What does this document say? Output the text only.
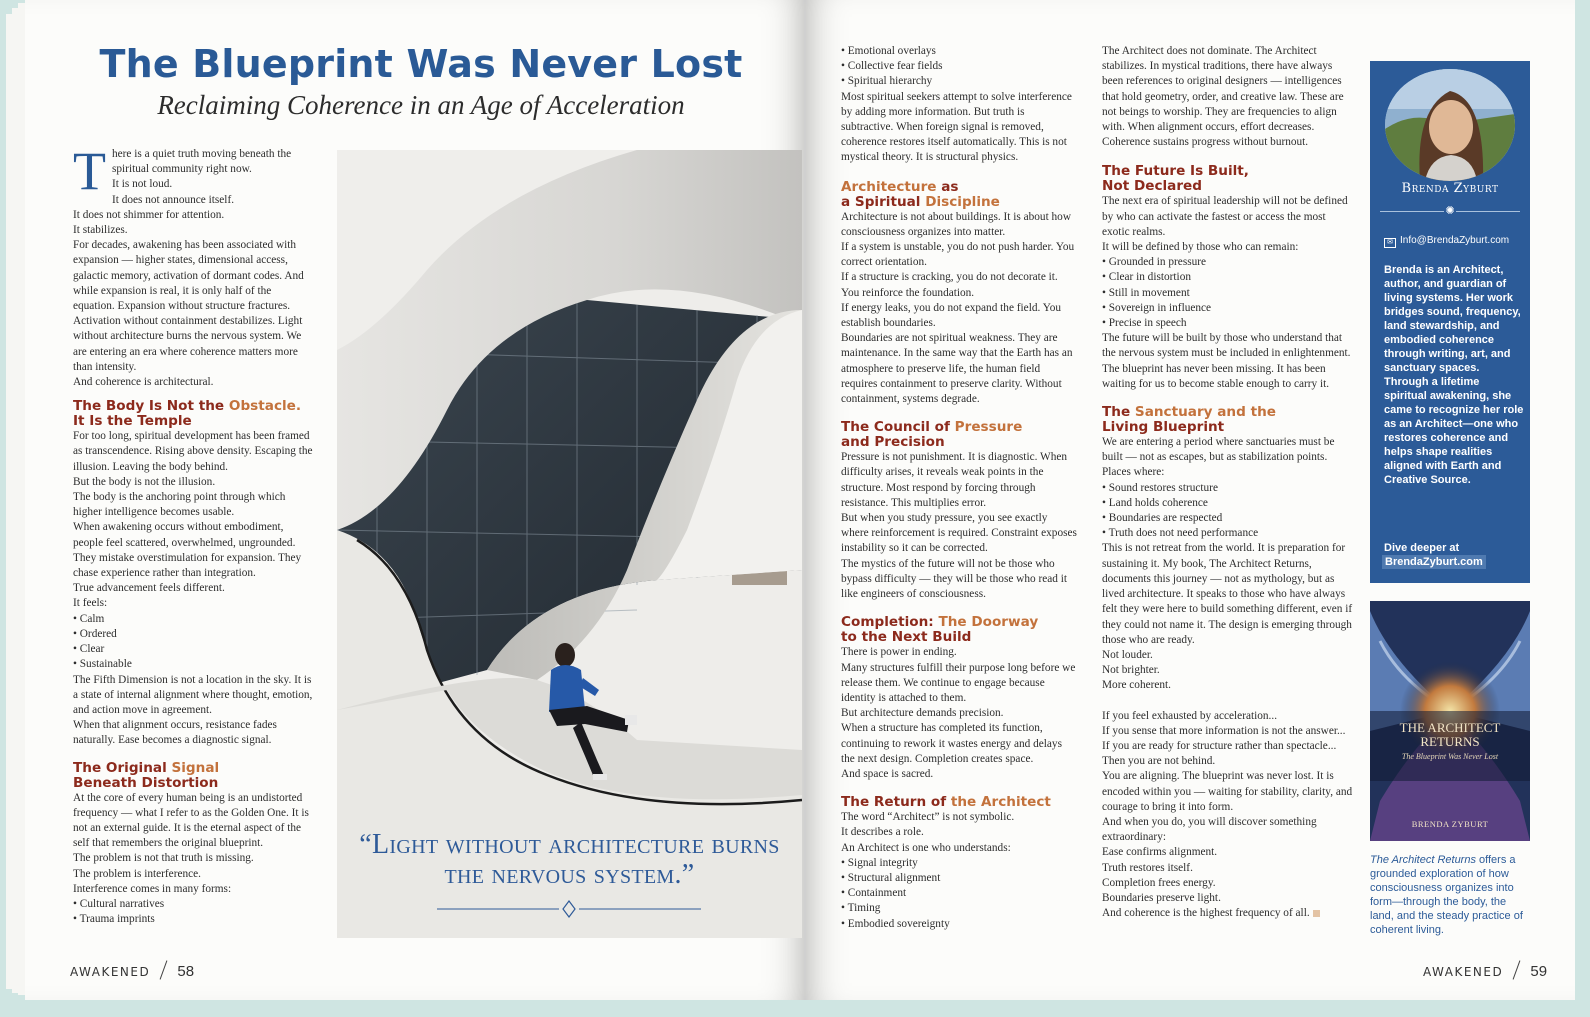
The Blueprint Was Never Lost
Reclaiming Coherence in an Age of Acceleration
T here is a quiet truth moving beneath the spiritual community right now.

It is not loud.

It does not announce itself.

It does not shimmer for attention.

It stabilizes.

For decades, awakening has been associated with expansion — higher states, dimensional access, galactic memory, activation of dormant codes. And while expansion is real, it is only half of the equation. Expansion without structure fractures. Activation without containment destabilizes. Light without architecture burns the nervous system. We are entering an era where coherence matters more than intensity.

And coherence is architectural.

The Body Is Not the Obstacle.
It Is the Temple

For too long, spiritual development has been framed as transcendence. Rising above density. Escaping the illusion. Leaving the body behind.

But the body is not the illusion.

The body is the anchoring point through which higher intelligence becomes usable.

When awakening occurs without embodiment, people feel scattered, overwhelmed, ungrounded. They mistake overstimulation for expansion. They chase experience rather than integration.

True advancement feels different.

It feels:

• Calm

• Ordered

• Clear

• Sustainable

The Fifth Dimension is not a location in the sky. It is a state of internal alignment where thought, emotion, and action move in agreement.

When that alignment occurs, resistance fades naturally. Ease becomes a diagnostic signal.

The Original Signal
Beneath Distortion

At the core of every human being is an undistorted frequency — what I refer to as the Golden One. It is not an external guide. It is the eternal aspect of the self that remembers the original blueprint.

The problem is not that truth is missing.

The problem is interference.

Interference comes in many forms:

• Cultural narratives

• Trauma imprints

“Light without architecture burns the nervous system.”
AWAKENED 58

• Emotional overlays

• Collective fear fields

• Spiritual hierarchy

Most spiritual seekers attempt to solve interference by adding more information. But truth is subtractive. When foreign signal is removed, coherence restores itself automatically. This is not mystical theory. It is structural physics.

Architecture as
a Spiritual Discipline

Architecture is not about buildings. It is about how consciousness organizes into matter.

If a system is unstable, you do not push harder. You correct orientation.

If a structure is cracking, you do not decorate it. You reinforce the foundation.

If energy leaks, you do not expand the field. You establish boundaries.

Boundaries are not spiritual weakness. They are maintenance. In the same way that the Earth has an atmosphere to preserve life, the human field requires containment to preserve clarity. Without containment, systems degrade.

The Council of Pressure
and Precision

Pressure is not punishment. It is diagnostic. When difficulty arises, it reveals weak points in the structure. Most respond by forcing through resistance. This multiplies error.

But when you study pressure, you see exactly where reinforcement is required. Constraint exposes instability so it can be corrected.

The mystics of the future will not be those who bypass difficulty — they will be those who read it like engineers of consciousness.

Completion: The Doorway
to the Next Build

There is power in ending.

Many structures fulfill their purpose long before we release them. We continue to engage because identity is attached to them.

But architecture demands precision.

When a structure has completed its function, continuing to rework it wastes energy and delays the next design. Completion creates space.

And space is sacred.

The Return of the Architect

The word “Architect” is not symbolic.

It describes a role.

An Architect is one who understands:

• Signal integrity

• Structural alignment

• Containment

• Timing

• Embodied sovereignty

The Architect does not dominate. The Architect stabilizes. In mystical traditions, there have always been references to original designers — intelligences that hold geometry, order, and creative law. These are not beings to worship. They are frequencies to align with. When alignment occurs, effort decreases. Coherence sustains progress without burnout.

The Future Is Built,
Not Declared

The next era of spiritual leadership will not be defined by who can activate the fastest or access the most exotic realms.

It will be defined by those who can remain:

• Grounded in pressure

• Clear in distortion

• Still in movement

• Sovereign in influence

• Precise in speech

The future will be built by those who understand that the nervous system must be included in enlightenment. The blueprint has never been missing. It has been waiting for us to become stable enough to carry it.

The Sanctuary and the
Living Blueprint

We are entering a period where sanctuaries must be built — not as escapes, but as stabilization points. Places where:

• Sound restores structure

• Land holds coherence

• Boundaries are respected

• Truth does not need performance

This is not retreat from the world. It is preparation for sustaining it. My book, The Architect Returns, documents this journey — not as mythology, but as lived architecture. It speaks to those who have always felt they were here to build something different, even if they could not name it. The design is emerging through those who are ready.

Not louder.

Not brighter.

More coherent.

If you feel exhausted by acceleration...

If you sense that more information is not the answer...

If you are ready for structure rather than spectacle...

Then you are not behind.

You are aligning. The blueprint was never lost. It is encoded within you — waiting for stability, clarity, and courage to bring it into form.

And when you do, you will discover something extraordinary:

Ease confirms alignment.

Truth restores itself.

Completion frees energy.

Boundaries preserve light.

And coherence is the highest frequency of all.

Brenda Zyburt
✺
✉ Info@BrendaZyburt.com
Brenda is an Architect, author, and guardian of living systems. Her work bridges sound, frequency, land stewardship, and embodied coherence through writing, art, and sanctuary spaces. Through a lifetime spiritual awakening, she came to recognize her role as an Architect—one who restores coherence and helps shape realities aligned with Earth and Creative Source.
Dive deeper at
BrendaZyburt.com
THE ARCHITECT
RETURNS
The Blueprint Was Never Lost
BRENDA ZYBURT
The Architect Returns offers a grounded exploration of how consciousness organizes into form—through the body, the land, and the steady practice of coherent living.
AWAKENED 59
